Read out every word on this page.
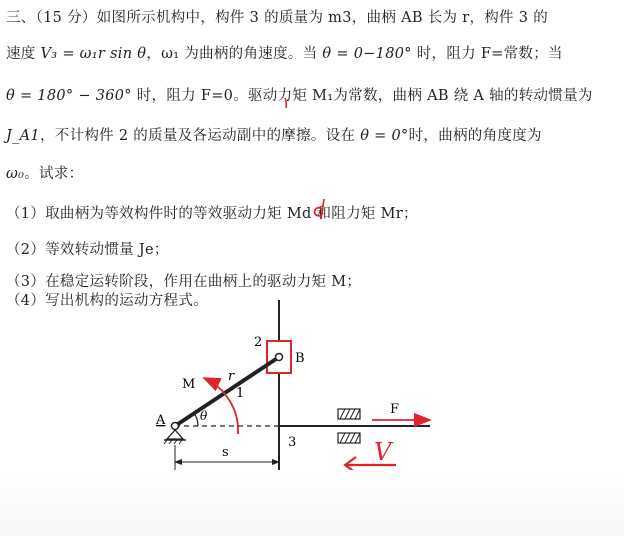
三、（15 分）如图所示机构中，构件 3 的质量为 m3，曲柄 AB 长为 r，构件 3 的
速度 V₃ = ω₁r sin θ，ω₁ 为曲柄的角速度。当 θ = 0−180° 时，阻力 F=常数；当
θ = 180° − 360° 时，阻力 F=0。驱动力矩 M₁为常数，曲柄 AB 绕 A 轴的转动惯量为
J_A1，不计构件 2 的质量及各运动副中的摩擦。设在 θ = 0°时，曲柄的角度度为
ω₀。试求：
（1）取曲柄为等效构件时的等效驱动力矩 Md 和阻力矩 Mr；
（2）等效转动惯量 Je；
（3）在稳定运转阶段，作用在曲柄上的驱动力矩 M；
（4）写出机构的运动方程式。
2
B
r
M
1
A	θ
3
F
s	V
